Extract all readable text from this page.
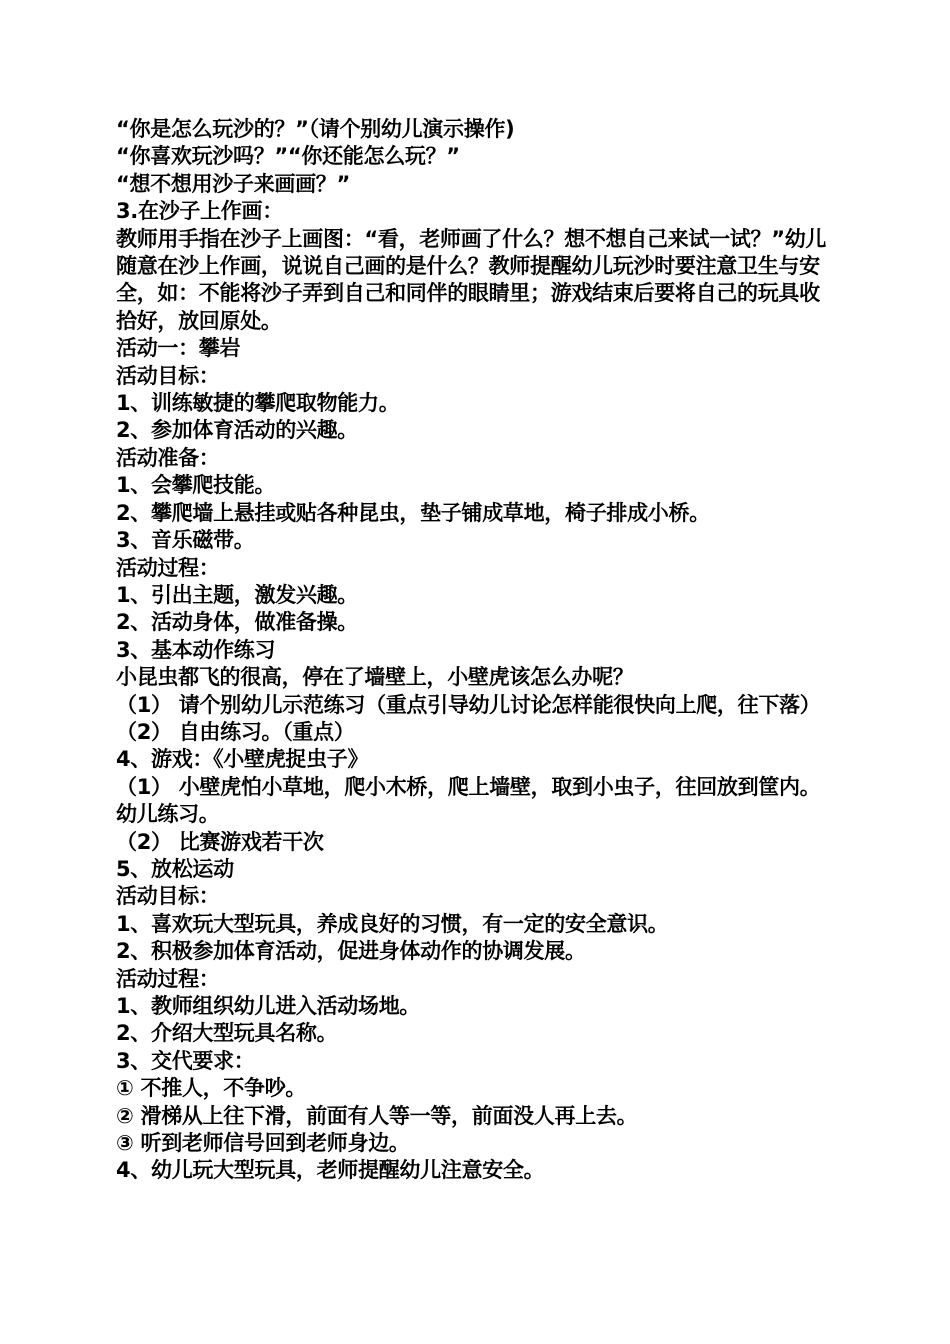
“你是怎么玩沙的？”（请个别幼儿演示操作)
“你喜欢玩沙吗？”“你还能怎么玩？”
“想不想用沙子来画画？”
3.在沙子上作画：
教师用手指在沙子上画图：“看，老师画了什么？想不想自己来试一试？”幼儿随意在沙上作画，说说自己画的是什么？教师提醒幼儿玩沙时要注意卫生与安全，如：不能将沙子弄到自己和同伴的眼睛里；游戏结束后要将自己的玩具收拾好，放回原处。
活动一：攀岩
活动目标：
1、训练敏捷的攀爬取物能力。
2、参加体育活动的兴趣。
活动准备：
1、会攀爬技能。
2、攀爬墙上悬挂或贴各种昆虫，垫子铺成草地，椅子排成小桥。
3、音乐磁带。
活动过程：
1、引出主题，激发兴趣。
2、活动身体，做准备操。
3、基本动作练习
小昆虫都飞的很高，停在了墙壁上，小壁虎该怎么办呢？
（1） 请个别幼儿示范练习（重点引导幼儿讨论怎样能很快向上爬，往下落）
（2） 自由练习。（重点）
4、游戏：《小壁虎捉虫子》
（1） 小壁虎怕小草地，爬小木桥，爬上墙壁，取到小虫子，往回放到筐内。幼儿练习。
（2） 比赛游戏若干次
5、放松运动
活动目标：
1、喜欢玩大型玩具，养成良好的习惯，有一定的安全意识。
2、积极参加体育活动，促进身体动作的协调发展。
活动过程：
1、教师组织幼儿进入活动场地。
2、介绍大型玩具名称。
3、交代要求：
① 不推人，不争吵。
② 滑梯从上往下滑，前面有人等一等，前面没人再上去。
③ 听到老师信号回到老师身边。
4、幼儿玩大型玩具，老师提醒幼儿注意安全。
